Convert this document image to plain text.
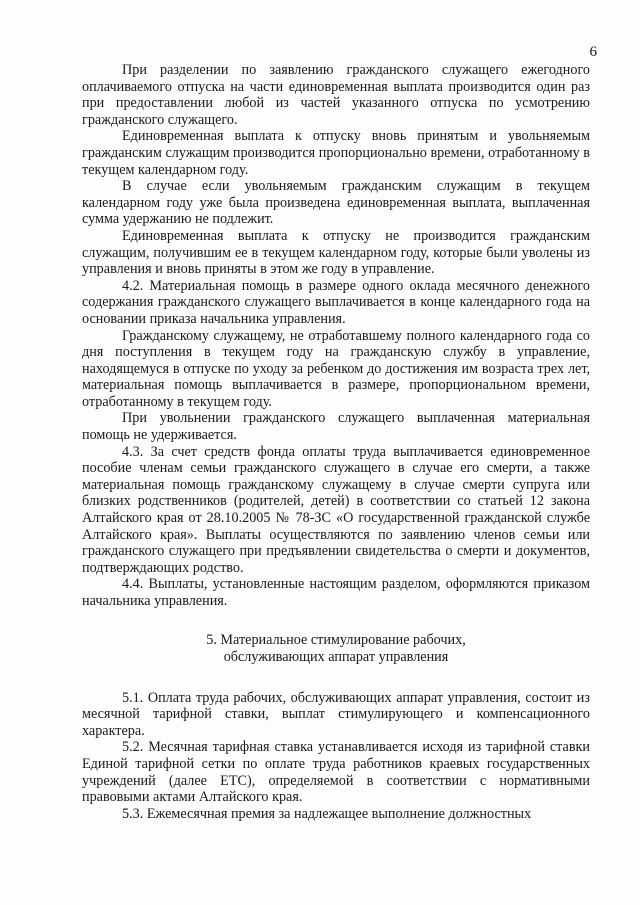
6

При разделении по заявлению гражданского служащего ежегодного оплачиваемого отпуска на части единовременная выплата производится один раз при предоставлении любой из частей указанного отпуска по усмотрению гражданского служащего.

Единовременная выплата к отпуску вновь принятым и увольняемым гражданским служащим производится пропорционально времени, отработанному в текущем календарном году.

В случае если увольняемым гражданским служащим в текущем календарном году уже была произведена единовременная выплата, выплаченная сумма удержанию не подлежит.

Единовременная выплата к отпуску не производится гражданским служащим, получившим ее в текущем календарном году, которые были уволены из управления и вновь приняты в этом же году в управление.

4.2. Материальная помощь в размере одного оклада месячного денежного содержания гражданского служащего выплачивается в конце календарного года на основании приказа начальника управления.

Гражданскому служащему, не отработавшему полного календарного года со дня поступления в текущем году на гражданскую службу в управление, находящемуся в отпуске по уходу за ребенком до достижения им возраста трех лет, материальная помощь выплачивается в размере, пропорциональном времени, отработанному в текущем году.

При увольнении гражданского служащего выплаченная материальная помощь не удерживается.

4.3. За счет средств фонда оплаты труда выплачивается единовременное пособие членам семьи гражданского служащего в случае его смерти, а также материальная помощь гражданскому служащему в случае смерти супруга или близких родственников (родителей, детей) в соответствии со статьей 12 закона Алтайского края от 28.10.2005 № 78-ЗС «О государственной гражданской службе Алтайского края». Выплаты осуществляются по заявлению членов семьи или гражданского служащего при предъявлении свидетельства о смерти и документов, подтверждающих родство.

4.4. Выплаты, установленные настоящим разделом, оформляются приказом начальника управления.

5. Материальное стимулирование рабочих,
обслуживающих аппарат управления

5.1. Оплата труда рабочих, обслуживающих аппарат управления, состоит из месячной тарифной ставки, выплат стимулирующего и компенсационного характера.

5.2. Месячная тарифная ставка устанавливается исходя из тарифной ставки Единой тарифной сетки по оплате труда работников краевых государственных учреждений (далее ЕТС), определяемой в соответствии с нормативными правовыми актами Алтайского края.

5.3. Ежемесячная премия за надлежащее выполнение должностных
